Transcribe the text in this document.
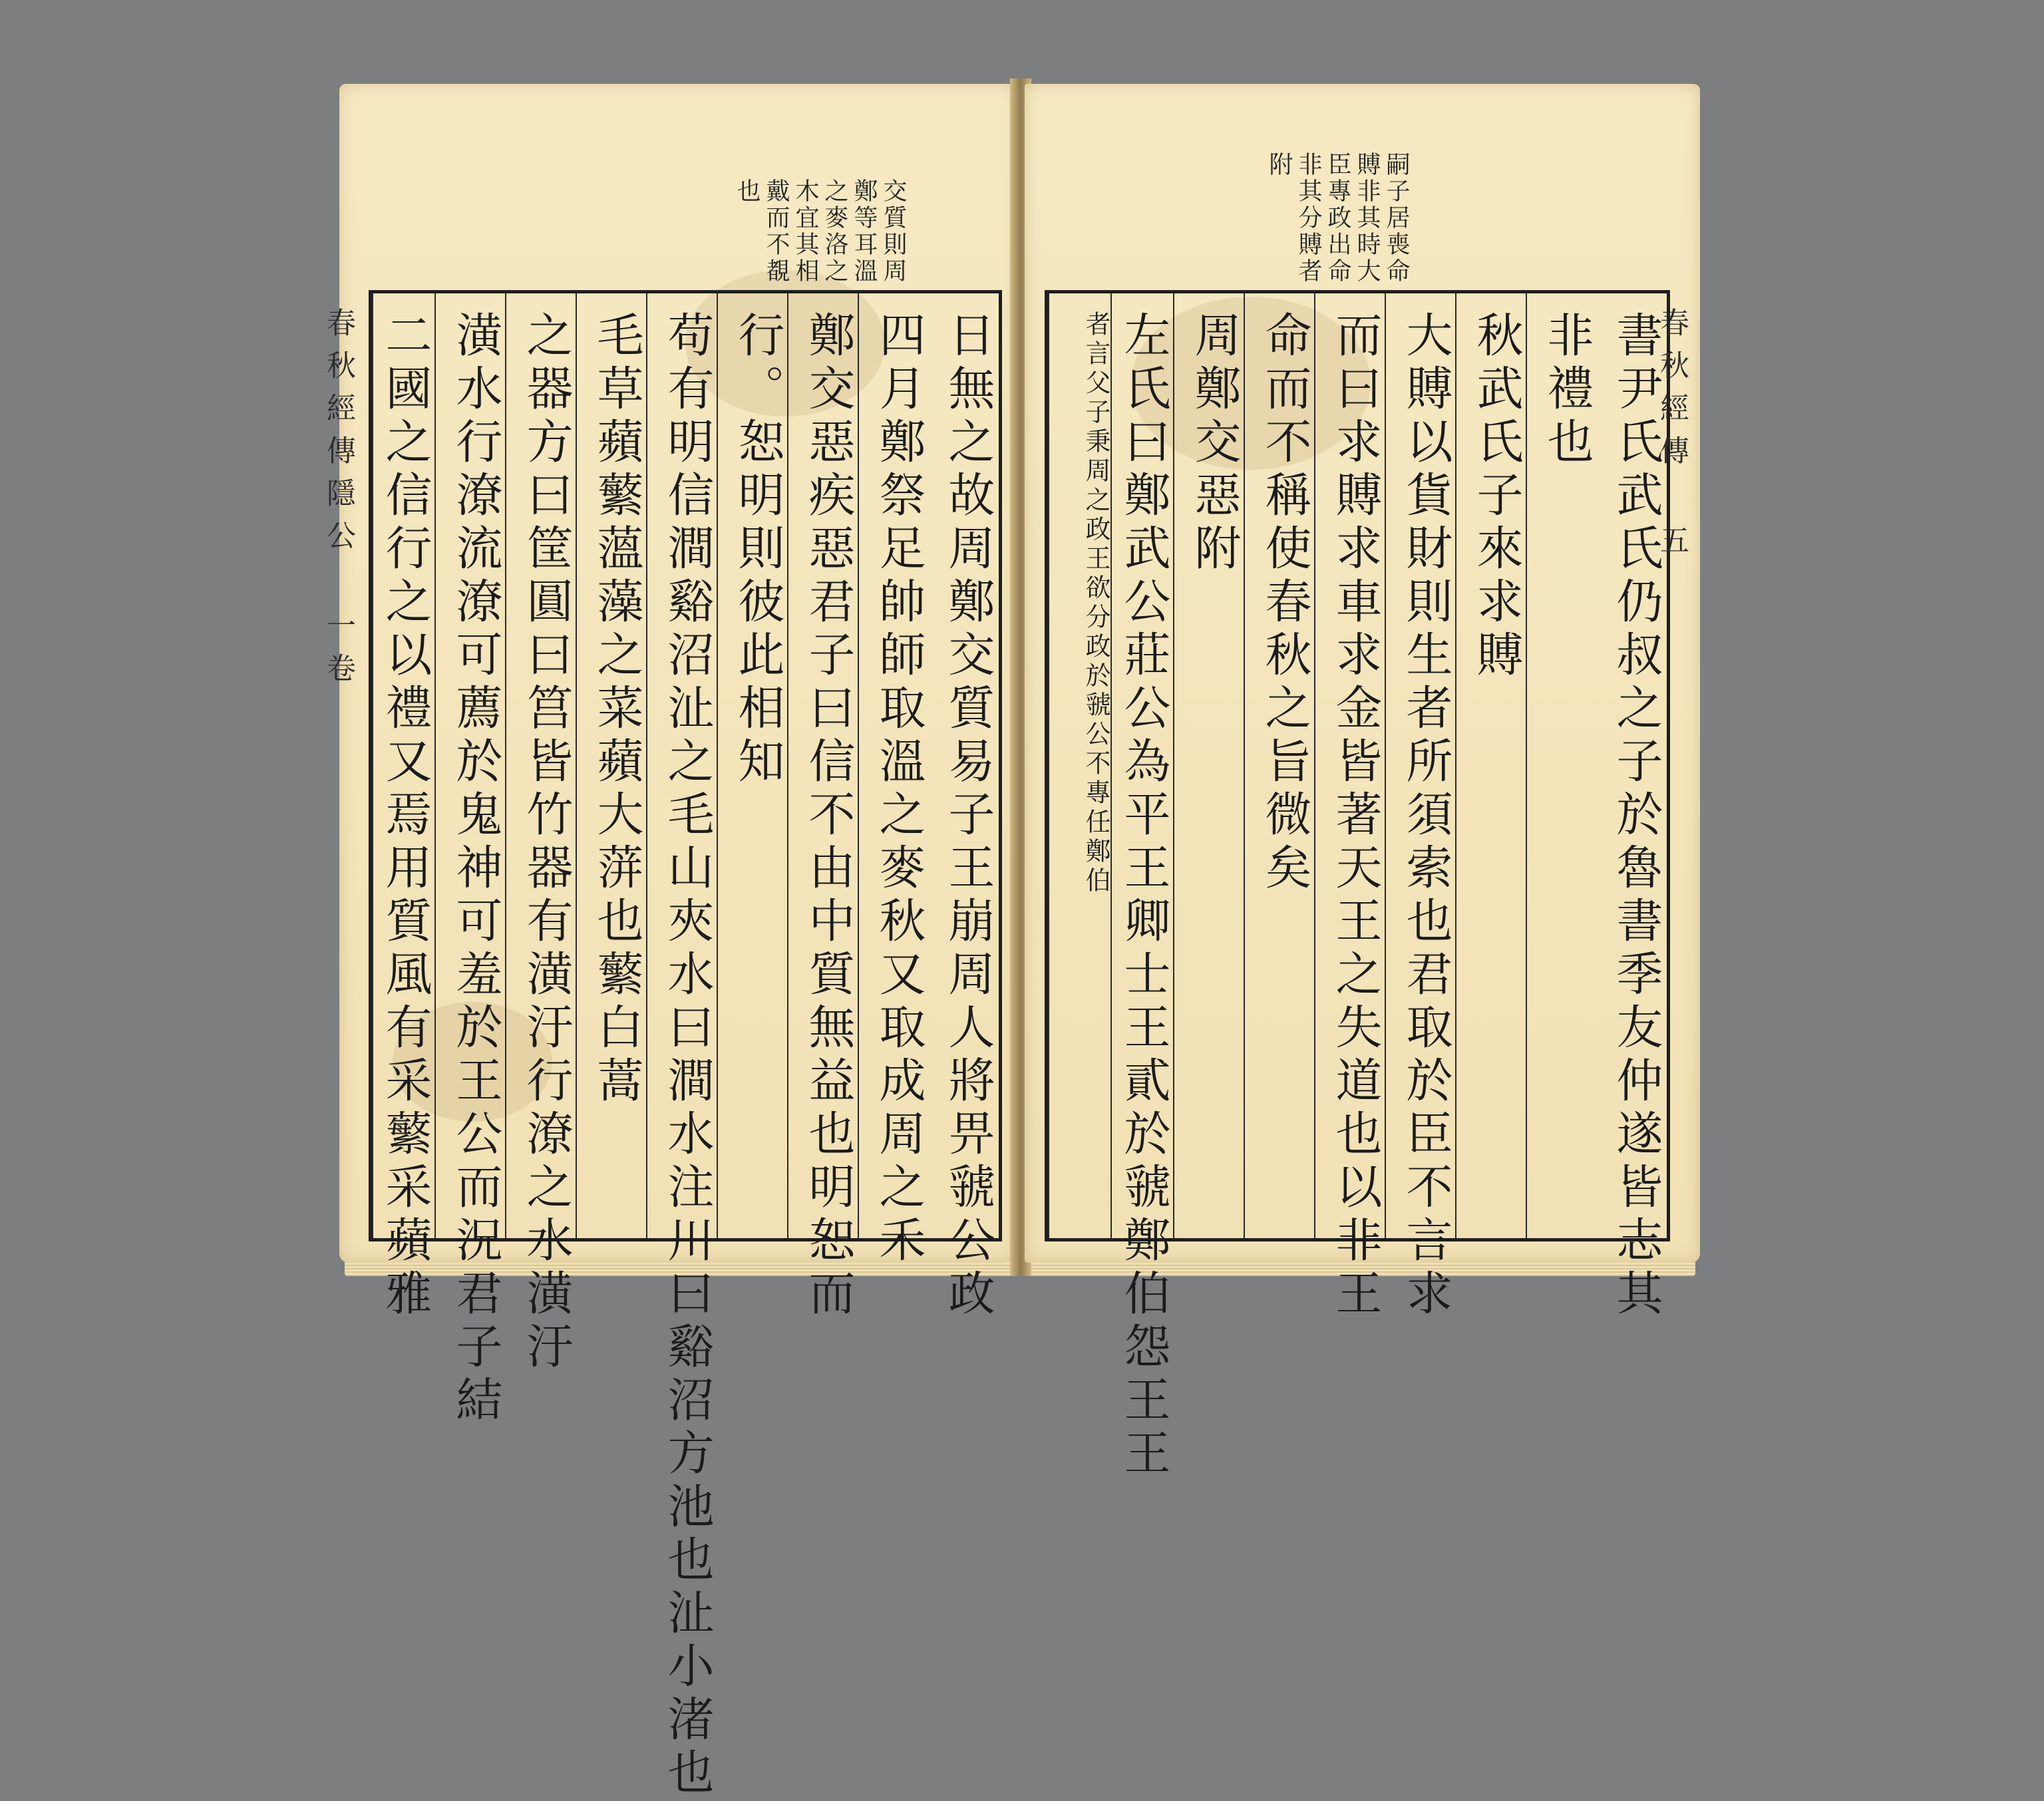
交質則周鄭等耳溫之麥洛之木宜其相戴而不覩也	嗣子居喪命賻非其時大臣專政出命非其分賻者附
日無之故周鄭交質易子王崩周人將畀虢公政
四月鄭祭足帥師取溫之麥秋又取成周之禾
鄭交惡疾惡君子曰信不由中質無益也明恕而
行。恕明則彼此相知
苟有明信澗谿沼沚之毛山夾水曰澗水注川曰谿沼方池也沚小渚也
毛草蘋蘩薀藻之菜蘋大蓱也蘩白蒿
之器方曰筐圓曰筥皆竹器有潢汙行潦之水潢汙
潢水行潦流潦可薦於鬼神可羞於王公而況君子結
二國之信行之以禮又焉用質風有采蘩采蘋雅
春秋經傳隱公 一卷	書尹氏武氏仍叔之子於魯書季友仲遂皆志其
非禮也
秋武氏子來求賻
大賻以貨財則生者所須索也君取於臣不言求
而曰求賻求車求金皆著天王之失道也以非王
命而不稱使春秋之旨微矣
周鄭交惡附
左氏曰鄭武公莊公為平王卿士王貳於虢鄭伯怨王王
者言父子秉周之政王欲分政於虢公不專任鄭伯	春秋經傳 五
